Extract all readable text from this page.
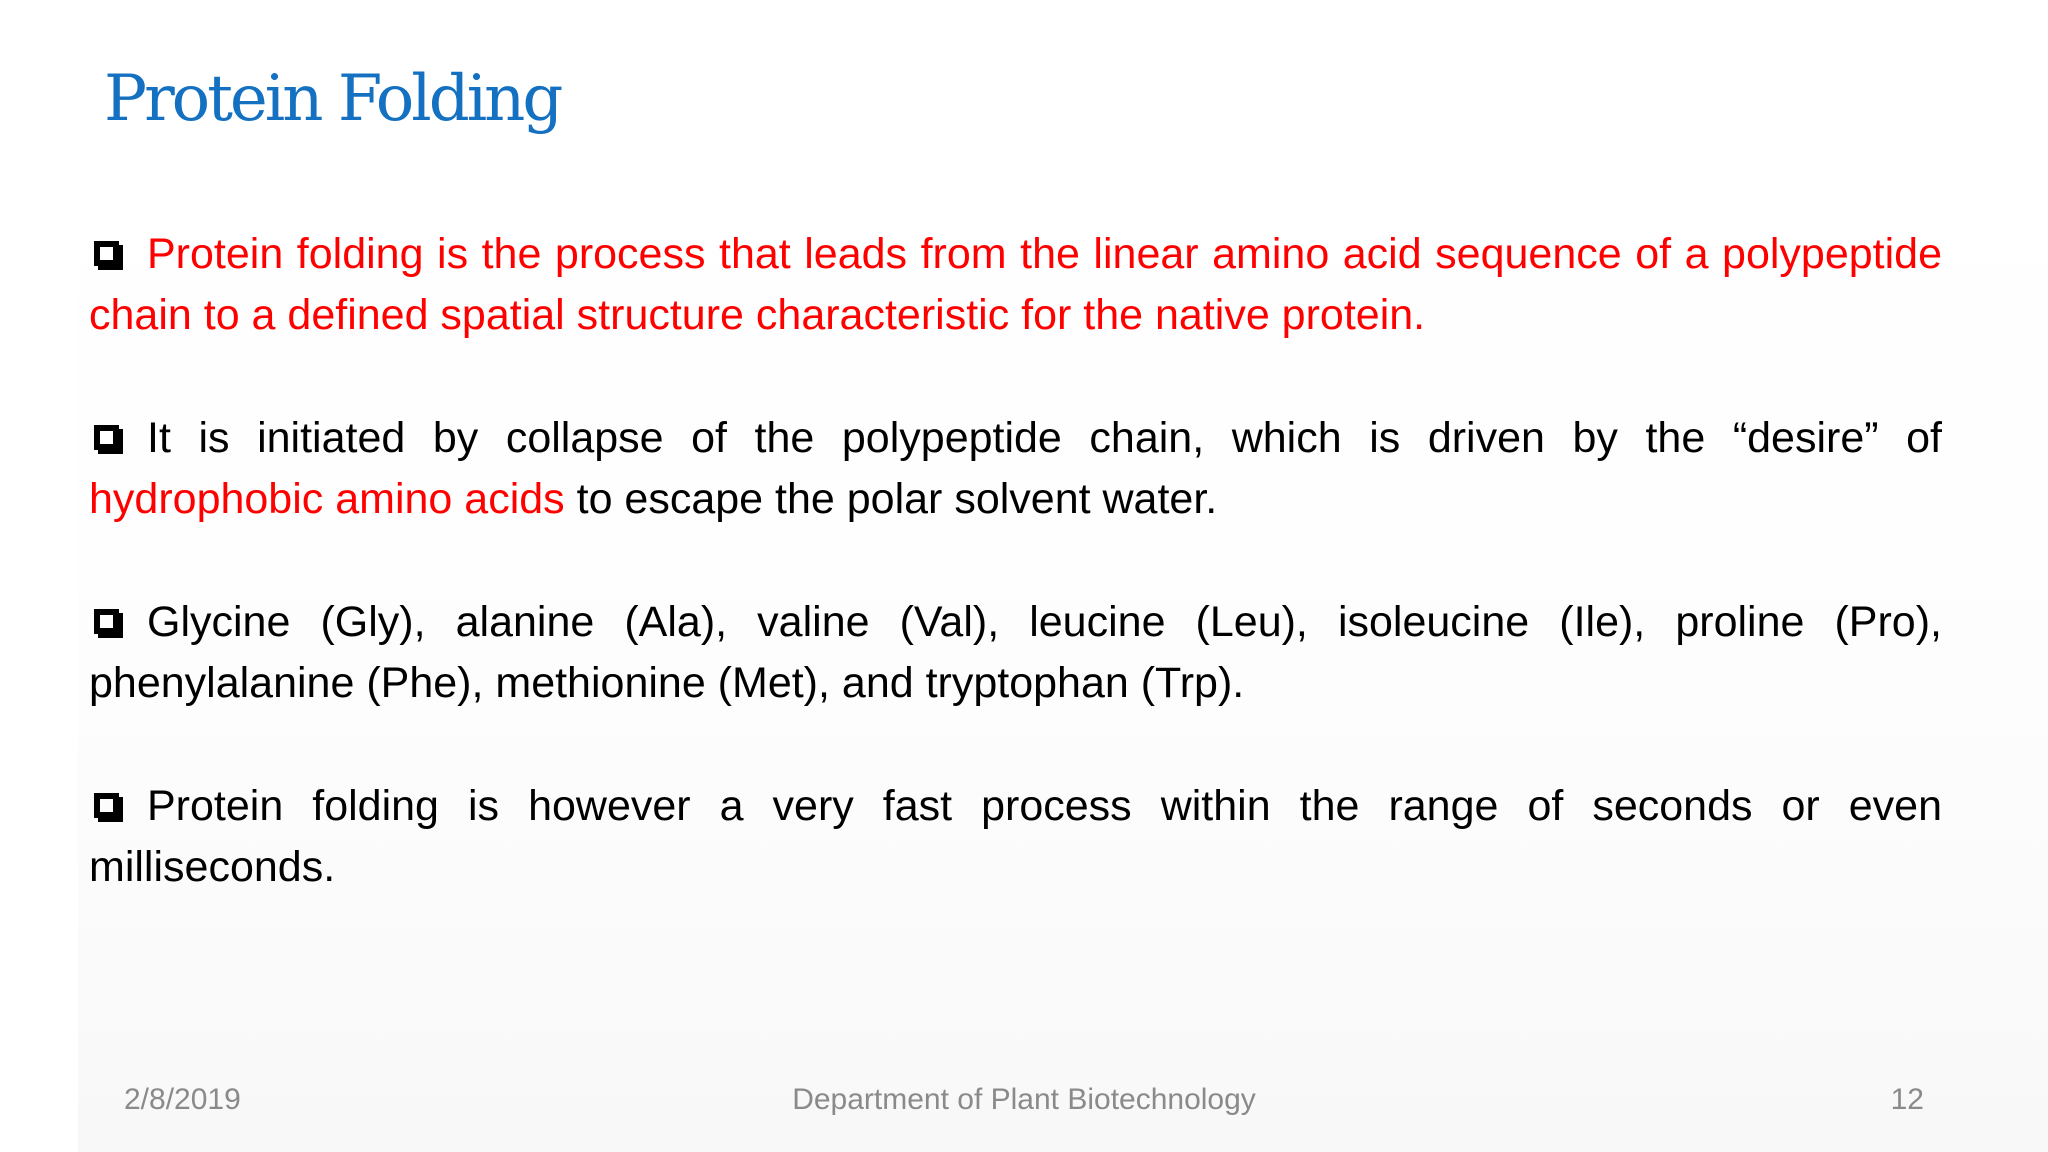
Protein Folding

Protein folding is the process that leads from the linear amino acid sequence of a polypeptide chain to a defined spatial structure characteristic for the native protein.

It is initiated by collapse of the polypeptide chain, which is driven by the “desire” of hydrophobic amino acids to escape the polar solvent water.

Glycine (Gly), alanine (Ala), valine (Val), leucine (Leu), isoleucine (Ile), proline (Pro), phenylalanine (Phe), methionine (Met), and tryptophan (Trp).

Protein folding is however a very fast process within the range of seconds or even milliseconds.

2/8/2019	Department of Plant Biotechnology	12
